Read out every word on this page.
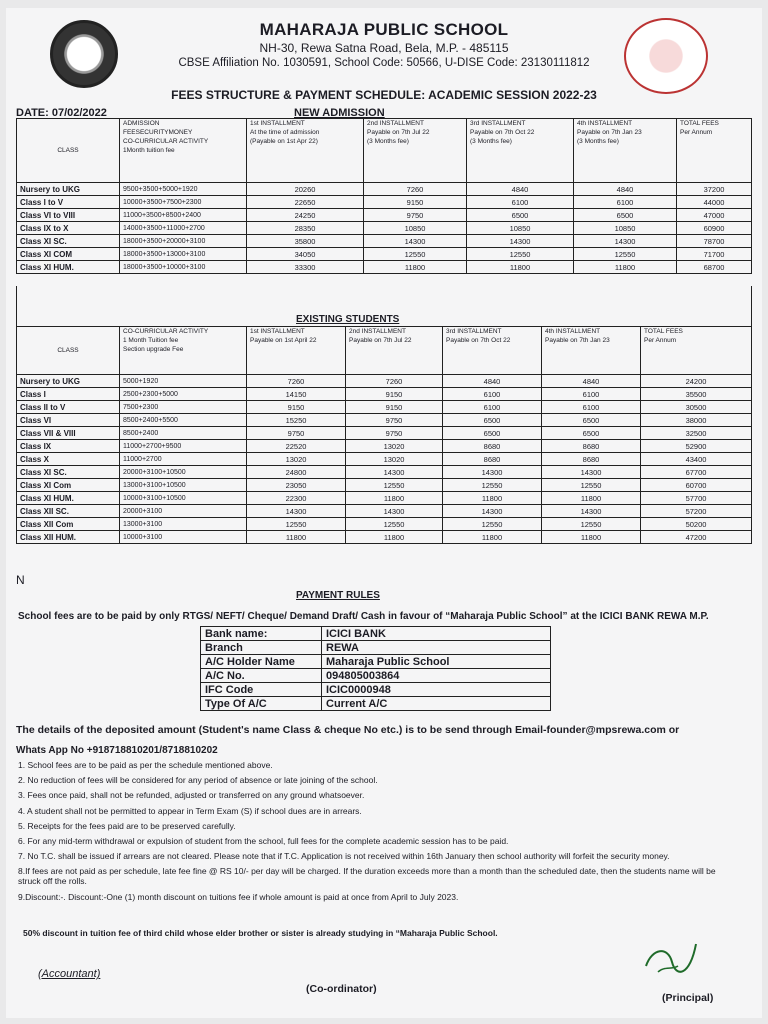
MAHARAJA PUBLIC SCHOOL
NH-30, Rewa Satna Road, Bela, M.P. - 485115
CBSE Affiliation No. 1030591, School Code: 50566, U-DISE Code: 23130111812
FEES STRUCTURE & PAYMENT SCHEDULE: ACADEMIC SESSION 2022-23
DATE: 07/02/2022	NEW ADMISSION
CLASS	ADMISSION
FEESECURITYMONEY
CO-CURRICULAR ACTIVITY
1Month tuition fee	1st INSTALLMENT
At the time of admission
(Payable on 1st Apr 22)	2nd INSTALLMENT
Payable on 7th Jul 22
(3 Months fee)	3rd INSTALLMENT
Payable on 7th Oct 22
(3 Months fee)	4th INSTALLMENT
Payable on 7th Jan 23
(3 Months fee)	TOTAL FEES
Per Annum
Nursery to UKG	9500+3500+5000+1920	20260	7260	4840	4840	37200
Class I to V	10000+3500+7500+2300	22650	9150	6100	6100	44000
Class VI to VIII	11000+3500+8500+2400	24250	9750	6500	6500	47000
Class IX to X	14000+3500+11000+2700	28350	10850	10850	10850	60900
Class XI SC.	18000+3500+20000+3100	35800	14300	14300	14300	78700
Class XI COM	18000+3500+13000+3100	34050	12550	12550	12550	71700
Class XI HUM.	18000+3500+10000+3100	33300	11800	11800	11800	68700
EXISTING STUDENTS
CLASS	CO-CURRICULAR ACTIVITY
1 Month Tuition fee
Section upgrade Fee	1st INSTALLMENT
Payable on 1st April 22	2nd INSTALLMENT
Payable on 7th Jul 22	3rd INSTALLMENT
Payable on 7th Oct 22	4th INSTALLMENT
Payable on 7th Jan 23	TOTAL FEES
Per Annum
Nursery to UKG	5000+1920	7260	7260	4840	4840	24200
Class I	2500+2300+5000	14150	9150	6100	6100	35500
Class II to V	7500+2300	9150	9150	6100	6100	30500
Class VI	8500+2400+5500	15250	9750	6500	6500	38000
Class VII & VIII	8500+2400	9750	9750	6500	6500	32500
Class IX	11000+2700+9500	22520	13020	8680	8680	52900
Class X	11000+2700	13020	13020	8680	8680	43400
Class XI SC.	20000+3100+10500	24800	14300	14300	14300	67700
Class XI Com	13000+3100+10500	23050	12550	12550	12550	60700
Class XI HUM.	10000+3100+10500	22300	11800	11800	11800	57700
Class XII SC.	20000+3100	14300	14300	14300	14300	57200
Class XII Com	13000+3100	12550	12550	12550	12550	50200
Class XII HUM.	10000+3100	11800	11800	11800	11800	47200
N
PAYMENT RULES
School fees are to be paid by only RTGS/ NEFT/ Cheque/ Demand Draft/ Cash in favour of “Maharaja Public School” at the ICICI BANK REWA M.P.
Bank name:	ICICI BANK
Branch	REWA
A/C Holder Name	Maharaja Public School
A/C No.	094805003864
IFC Code	ICIC0000948
Type Of A/C	Current A/C
The details of the deposited amount (Student's name Class & cheque No etc.) is to be send through Email-founder@mpsrewa.com or
Whats App No +918718810201/8718810202
1. School fees are to be paid as per the schedule mentioned above.
2. No reduction of fees will be considered for any period of absence or late joining of the school.
3. Fees once paid, shall not be refunded, adjusted or transferred on any ground whatsoever.
4. A student shall not be permitted to appear in Term Exam (S) if school dues are in arrears.
5. Receipts for the fees paid are to be preserved carefully.
6. For any mid-term withdrawal or expulsion of student from the school, full fees for the complete academic session has to be paid.
7. No T.C. shall be issued if arrears are not cleared. Please note that if T.C. Application is not received within 16th January then school authority will forfeit the security money.
8.If fees are not paid as per schedule, late fee fine @ RS 10/- per day will be charged. If the duration exceeds more than a month than the scheduled date, then the students name will be struck off the rolls.
9.Discount:-. Discount:-One (1) month discount on tuitions fee if whole amount is paid at once from April to July 2023.
50% discount in tuition fee of third child whose elder brother or sister is already studying in “Maharaja Public School.
(Accountant)
(Co-ordinator)
(Principal)
